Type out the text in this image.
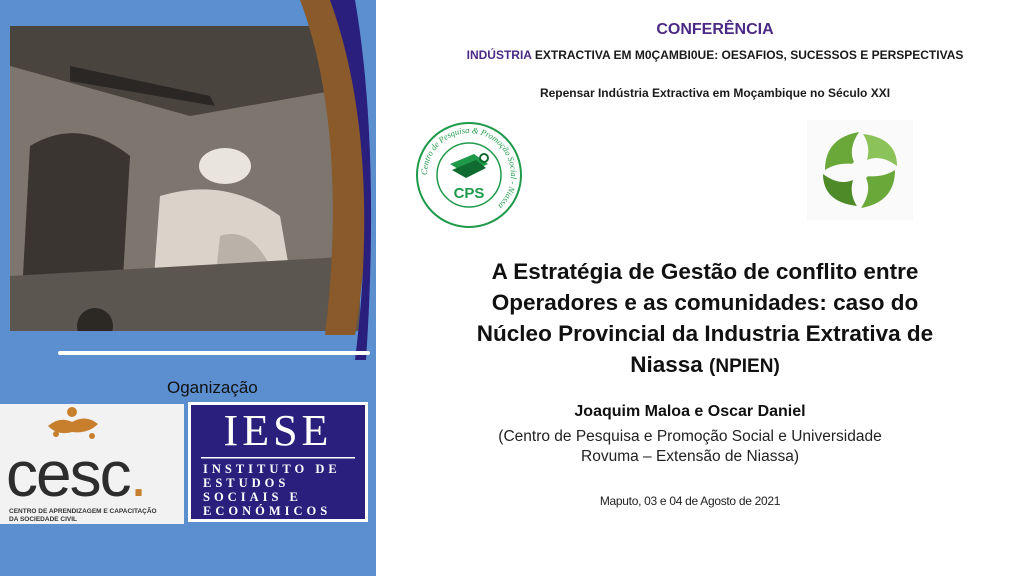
Oganização
cesc.
CENTRO DE APRENDIZAGEM E CAPACITAÇÃO
DA SOCIEDADE CIVIL
IESE
INSTITUTO DE
ESTUDOS
SOCIAIS E
ECONÓMICOS
CONFERÊNCIA
INDÚSTRIA EXTRACTIVA EM M0ÇAMBI0UE: OESAFIOS, SUCESSOS E PERSPECTIVAS
Repensar Indústria Extractiva em Moçambique no Século XXI
Centro de Pesquisa & Promoção Social - Niassa
CPS
A Estratégia de Gestão de conflito entre
Operadores e as comunidades: caso do
Núcleo Provincial da Industria Extrativa de
Niassa (NPIEN)
Joaquim Maloa e Oscar Daniel
(Centro de Pesquisa e Promoção Social e Universidade
Rovuma – Extensão de Niassa)
Maputo, 03 e 04 de Agosto de 2021
